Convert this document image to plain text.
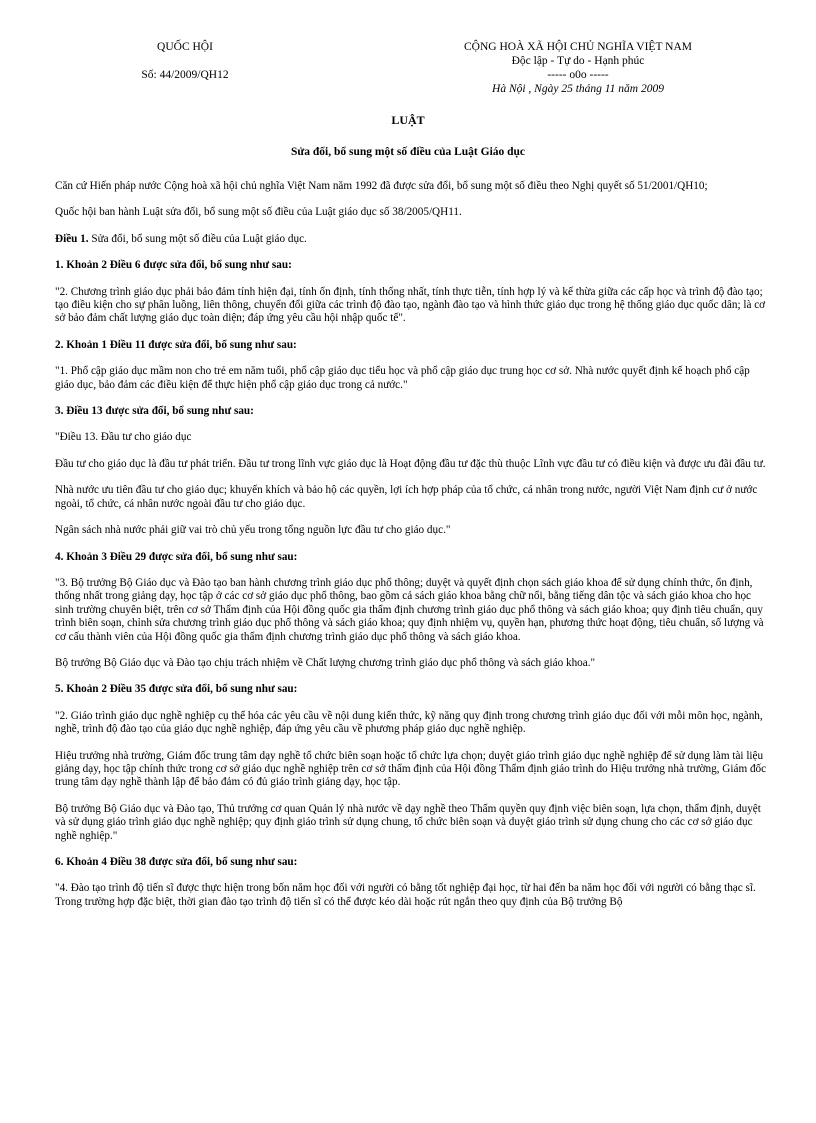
QUỐC HỘI
Số: 44/2009/QH12
CỘNG HOÀ XÃ HỘI CHỦ NGHĨA VIỆT NAM
Độc lập - Tự do - Hạnh phúc
----- o0o -----
Hà Nội , Ngày 25 tháng 11 năm 2009
LUẬT
Sửa đổi, bổ sung một số điều của Luật Giáo dục

Căn cứ Hiến pháp nước Cộng hoà xã hội chủ nghĩa Việt Nam năm 1992 đã được sửa đổi, bổ sung một số điều theo Nghị quyết số 51/2001/QH10;

Quốc hội ban hành Luật sửa đổi, bổ sung một số điều của Luật giáo dục số 38/2005/QH11.

Điều 1. Sửa đổi, bổ sung một số điều của Luật giáo dục.

1. Khoản 2 Điều 6 được sửa đổi, bổ sung như sau:

"2. Chương trình giáo dục phải bảo đảm tính hiện đại, tính ổn định, tính thống nhất, tính thực tiễn, tính hợp lý và kế thừa giữa các cấp học và trình độ đào tạo; tạo điều kiện cho sự phân luồng, liên thông, chuyển đổi giữa các trình độ đào tạo, ngành đào tạo và hình thức giáo dục trong hệ thống giáo dục quốc dân; là cơ sở bảo đảm chất lượng giáo dục toàn diện; đáp ứng yêu cầu hội nhập quốc tế".

2. Khoản 1 Điều 11 được sửa đổi, bổ sung như sau:

"1. Phổ cập giáo dục mầm non cho trẻ em năm tuổi, phổ cập giáo dục tiểu học và phổ cập giáo dục trung học cơ sở. Nhà nước quyết định kế hoạch phổ cập giáo dục, bảo đảm các điều kiện để thực hiện phổ cập giáo dục trong cả nước."

3. Điều 13 được sửa đổi, bổ sung như sau:

"Điều 13. Đầu tư cho giáo dục

Đầu tư cho giáo dục là đầu tư phát triển. Đầu tư trong lĩnh vực giáo dục là Hoạt động đầu tư đặc thù thuộc Lĩnh vực đầu tư có điều kiện và được ưu đãi đầu tư.

Nhà nước ưu tiên đầu tư cho giáo dục; khuyến khích và bảo hộ các quyền, lợi ích hợp pháp của tổ chức, cá nhân trong nước, người Việt Nam định cư ở nước ngoài, tổ chức, cá nhân nước ngoài đầu tư cho giáo dục.

Ngân sách nhà nước phải giữ vai trò chủ yếu trong tổng nguồn lực đầu tư cho giáo dục."

4. Khoản 3 Điều 29 được sửa đổi, bổ sung như sau:

"3. Bộ trưởng Bộ Giáo dục và Đào tạo ban hành chương trình giáo dục phổ thông; duyệt và quyết định chọn sách giáo khoa để sử dụng chính thức, ổn định, thống nhất trong giảng dạy, học tập ở các cơ sở giáo dục phổ thông, bao gồm cả sách giáo khoa bằng chữ nổi, bằng tiếng dân tộc và sách giáo khoa cho học sinh trường chuyên biệt, trên cơ sở Thẩm định của Hội đồng quốc gia thẩm định chương trình giáo dục phổ thông và sách giáo khoa; quy định tiêu chuẩn, quy trình biên soạn, chỉnh sửa chương trình giáo dục phổ thông và sách giáo khoa; quy định nhiệm vụ, quyền hạn, phương thức hoạt động, tiêu chuẩn, số lượng và cơ cấu thành viên của Hội đồng quốc gia thẩm định chương trình giáo dục phổ thông và sách giáo khoa.

Bộ trưởng Bộ Giáo dục và Đào tạo chịu trách nhiệm về Chất lượng chương trình giáo dục phổ thông và sách giáo khoa."

5. Khoản 2 Điều 35 được sửa đổi, bổ sung như sau:

"2. Giáo trình giáo dục nghề nghiệp cụ thể hóa các yêu cầu về nội dung kiến thức, kỹ năng quy định trong chương trình giáo dục đối với mỗi môn học, ngành, nghề, trình độ đào tạo của giáo dục nghề nghiệp, đáp ứng yêu cầu về phương pháp giáo dục nghề nghiệp.

Hiệu trưởng nhà trường, Giám đốc trung tâm dạy nghề tổ chức biên soạn hoặc tổ chức lựa chọn; duyệt giáo trình giáo dục nghề nghiệp để sử dụng làm tài liệu giảng dạy, học tập chính thức trong cơ sở giáo dục nghề nghiệp trên cơ sở thẩm định của Hội đồng Thẩm định giáo trình do Hiệu trưởng nhà trường, Giám đốc trung tâm dạy nghề thành lập để bảo đảm có đủ giáo trình giảng dạy, học tập.

Bộ trưởng Bộ Giáo dục và Đào tạo, Thủ trưởng cơ quan Quản lý nhà nước về dạy nghề theo Thẩm quyền quy định việc biên soạn, lựa chọn, thẩm định, duyệt và sử dụng giáo trình giáo dục nghề nghiệp; quy định giáo trình sử dụng chung, tổ chức biên soạn và duyệt giáo trình sử dụng chung cho các cơ sở giáo dục nghề nghiệp."

6. Khoản 4 Điều 38 được sửa đổi, bổ sung như sau:

"4. Đào tạo trình độ tiến sĩ được thực hiện trong bốn năm học đối với người có bằng tốt nghiệp đại học, từ hai đến ba năm học đối với người có bằng thạc sĩ. Trong trường hợp đặc biệt, thời gian đào tạo trình độ tiến sĩ có thể được kéo dài hoặc rút ngắn theo quy định của Bộ trưởng Bộ
